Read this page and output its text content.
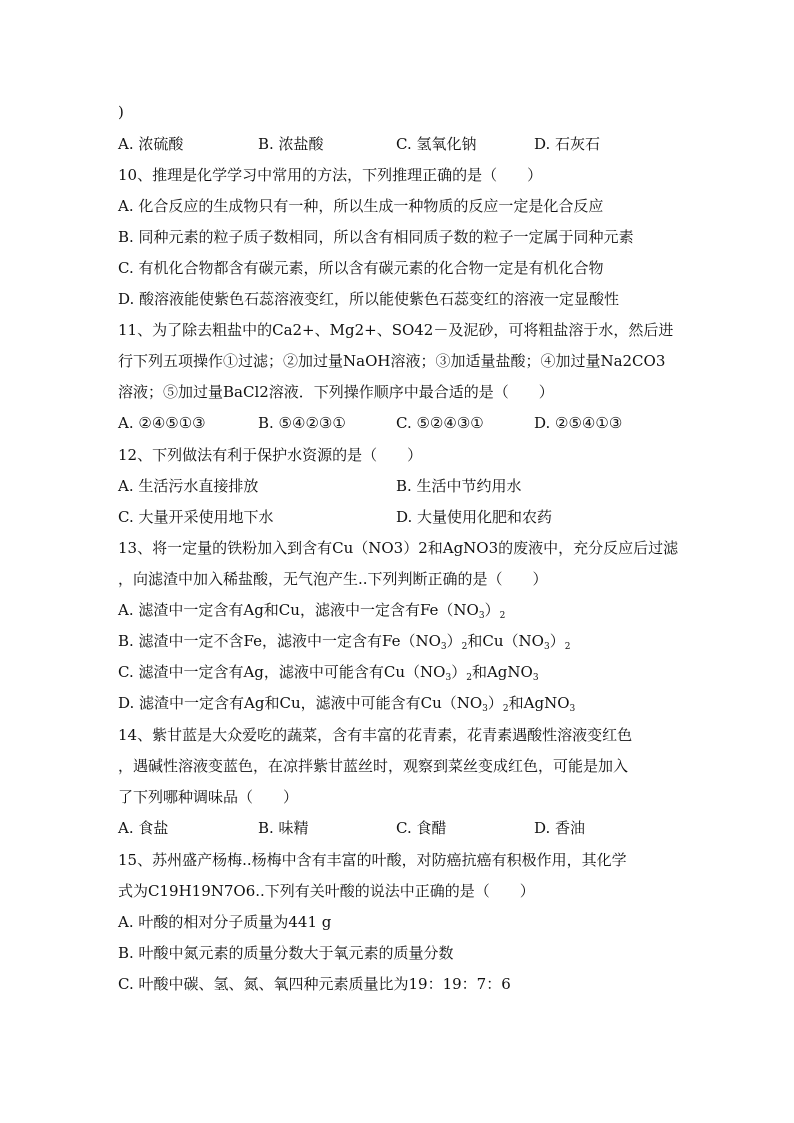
)
A. 浓硫酸	B. 浓盐酸	C. 氢氧化钠	D. 石灰石
10、推理是化学学习中常用的方法，下列推理正确的是（　　）
A. 化合反应的生成物只有一种，所以生成一种物质的反应一定是化合反应
B. 同种元素的粒子质子数相同，所以含有相同质子数的粒子一定属于同种元素
C. 有机化合物都含有碳元素，所以含有碳元素的化合物一定是有机化合物
D. 酸溶液能使紫色石蕊溶液变红，所以能使紫色石蕊变红的溶液一定显酸性
11、为了除去粗盐中的Ca2+、Mg2+、SO42－及泥砂，可将粗盐溶于水，然后进
行下列五项操作①过滤；②加过量NaOH溶液；③加适量盐酸；④加过量Na2CO3
溶液；⑤加过量BaCl2溶液．下列操作顺序中最合适的是（　　）
A. ②④⑤①③	B. ⑤④②③①	C. ⑤②④③①	D. ②⑤④①③
12、下列做法有利于保护水资源的是（　　）
A. 生活污水直接排放	B. 生活中节约用水
C. 大量开采使用地下水	D. 大量使用化肥和农药
13、将一定量的铁粉加入到含有Cu（NO3）2和AgNO3的废液中，充分反应后过滤
，向滤渣中加入稀盐酸，无气泡产生..下列判断正确的是（　　）
A. 滤渣中一定含有Ag和Cu，滤液中一定含有$Fe(NO_3)_2$
B. 滤渣中一定不含Fe，滤液中一定含有$Fe(NO_3)_2$和$Cu(NO_3)_2$
C. 滤渣中一定含有Ag，滤液中可能含有$Cu(NO_3)_2$和AgNO$_3$
D. 滤渣中一定含有Ag和Cu，滤液中可能含有$Cu(NO_3)_2$和AgNO$_3$
14、紫甘蓝是大众爱吃的蔬菜，含有丰富的花青素，花青素遇酸性溶液变红色
，遇碱性溶液变蓝色，在凉拌紫甘蓝丝时，观察到菜丝变成红色，可能是加入
了下列哪种调味品（　　）
A. 食盐	B. 味精	C. 食醋	D. 香油
15、苏州盛产杨梅..杨梅中含有丰富的叶酸，对防癌抗癌有积极作用，其化学
式为C19H19N7O6..下列有关叶酸的说法中正确的是（　　）
A. 叶酸的相对分子质量为441 g
B. 叶酸中氮元素的质量分数大于氧元素的质量分数
C. 叶酸中碳、氢、氮、氧四种元素质量比为19：19：7：6
